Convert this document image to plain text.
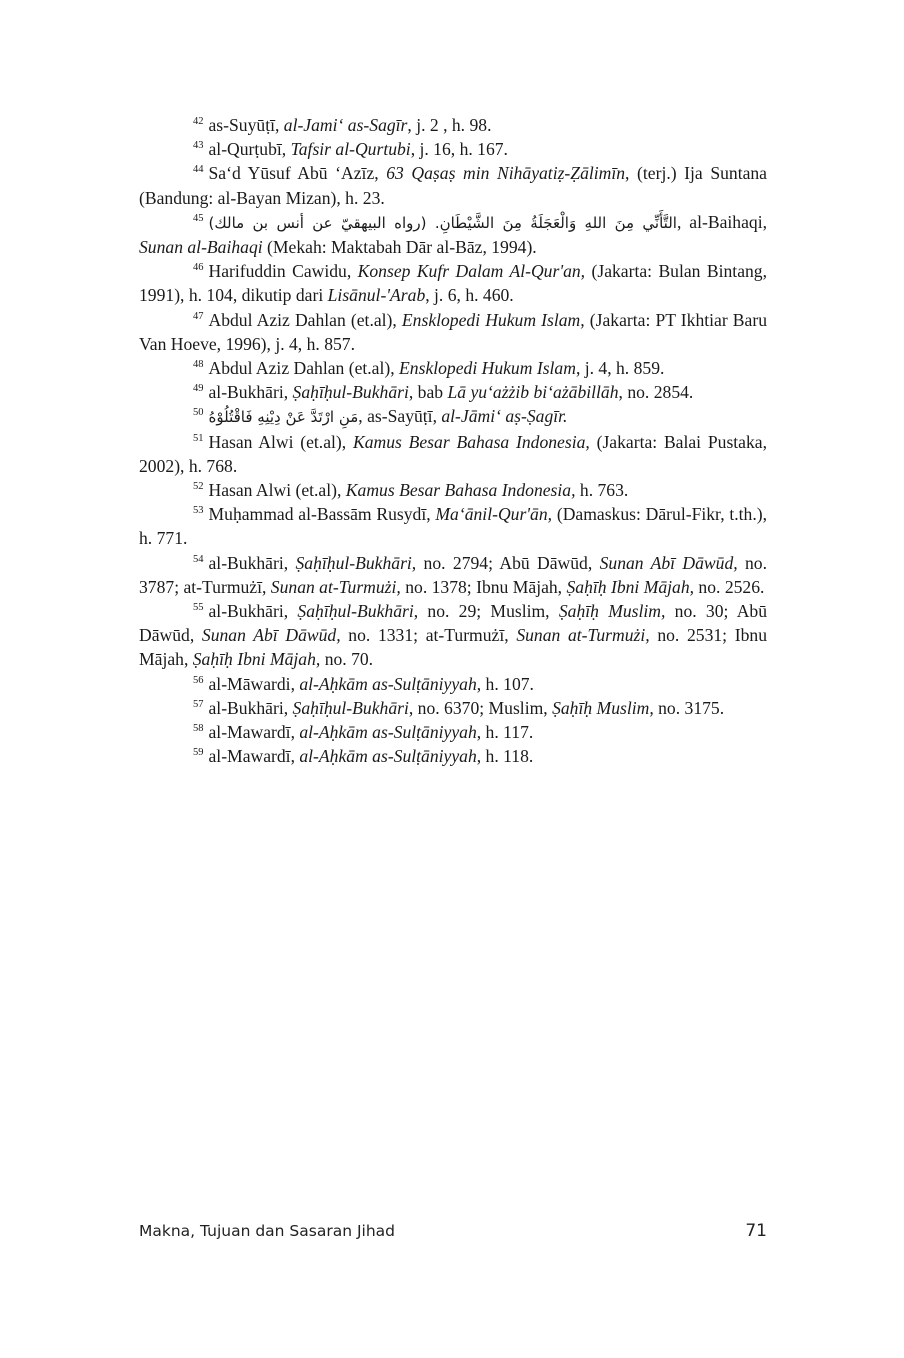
$^{42}$ as-Suyūṭī, al-Jami‘ as-Sagīr, j. 2 , h. 98.

$^{43}$ al-Qurṭubī, Tafsir al-Qurtubi, j. 16, h. 167.

$^{44}$ Sa‘d Yūsuf Abū ‘Azīz, 63 Qaṣaṣ min Nihāyatiẓ-Ẓālimīn, (terj.) Ija Suntana (Bandung: al-Bayan Mizan), h. 23.

$^{45}$ التَّأَنِّي مِنَ اللهِ وَالْعَجَلَةُ مِنَ الشَّيْطَانِ. (رواه البيهقيّ عن أنس بن مالك), al-Baihaqi, Sunan al-Baihaqi (Mekah: Maktabah Dār al-Bāz, 1994).

$^{46}$ Harifuddin Cawidu, Konsep Kufr Dalam Al-Qur'an, (Jakarta: Bulan Bintang, 1991), h. 104, dikutip dari Lisānul-'Arab, j. 6, h. 460.

$^{47}$ Abdul Aziz Dahlan (et.al), Ensklopedi Hukum Islam, (Jakarta: PT Ikhtiar Baru Van Hoeve, 1996), j. 4, h. 857.

$^{48}$ Abdul Aziz Dahlan (et.al), Ensklopedi Hukum Islam, j. 4, h. 859.

$^{49}$ al-Bukhāri, Ṣaḥīḥul-Bukhāri, bab Lā yu‘ażżib bi‘ażābillāh, no. 2854.

$^{50}$ مَنِ ارْتَدَّ عَنْ دِيْنِهِ فَاقْتُلُوْهُ, as-Sayūṭī, al-Jāmi‘ aṣ-Ṣagīr.

$^{51}$ Hasan Alwi (et.al), Kamus Besar Bahasa Indonesia, (Jakarta: Balai Pustaka, 2002), h. 768.

$^{52}$ Hasan Alwi (et.al), Kamus Besar Bahasa Indonesia, h. 763.

$^{53}$ Muḥammad al-Bassām Rusydī, Ma‘ānil-Qur'ān, (Damaskus: Dārul-Fikr, t.th.), h. 771.

$^{54}$ al-Bukhāri, Ṣaḥīḥul-Bukhāri, no. 2794; Abū Dāwūd, Sunan Abī Dāwūd, no. 3787; at-Turmużī, Sunan at-Turmużi, no. 1378; Ibnu Mājah, Ṣaḥīḥ Ibni Mājah, no. 2526.

$^{55}$ al-Bukhāri, Ṣaḥīḥul-Bukhāri, no. 29; Muslim, Ṣaḥīḥ Muslim, no. 30; Abū Dāwūd, Sunan Abī Dāwūd, no. 1331; at-Turmużī, Sunan at-Turmużi, no. 2531; Ibnu Mājah, Ṣaḥīḥ Ibni Mājah, no. 70.

$^{56}$ al-Māwardi, al-Aḥkām as-Sulṭāniyyah, h. 107.

$^{57}$ al-Bukhāri, Ṣaḥīḥul-Bukhāri, no. 6370; Muslim, Ṣaḥīḥ Muslim, no. 3175.

$^{58}$ al-Mawardī, al-Aḥkām as-Sulṭāniyyah, h. 117.

$^{59}$ al-Mawardī, al-Aḥkām as-Sulṭāniyyah, h. 118.

Makna, Tujuan dan Sasaran Jihad	71
